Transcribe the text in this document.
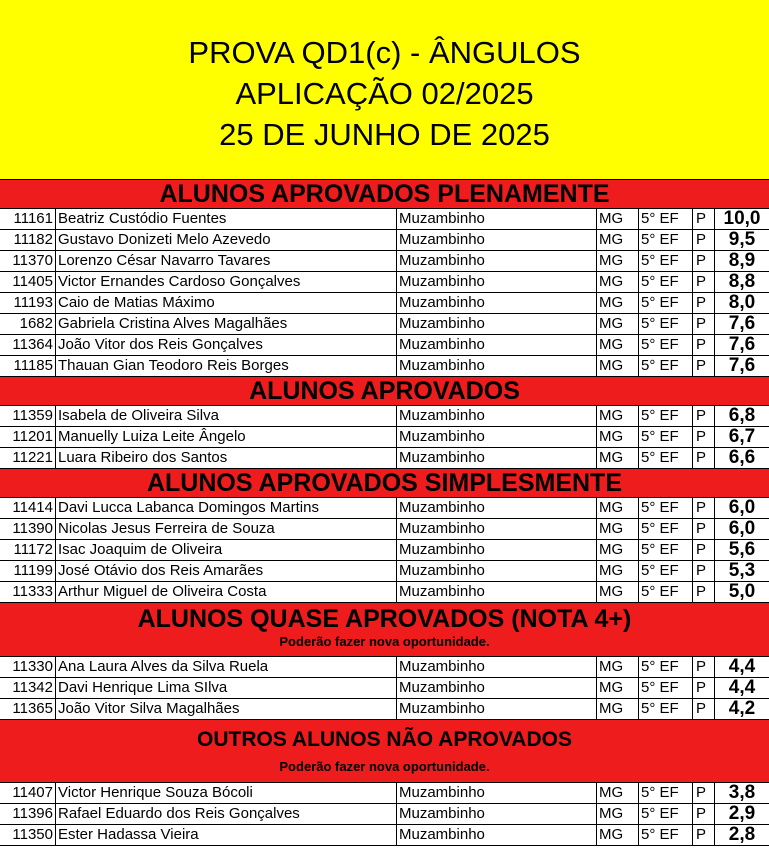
PROVA QD1(c) - ÂNGULOS
APLICAÇÃO 02/2025
25 DE JUNHO DE 2025
ALUNOS APROVADOS PLENAMENTE
11161 Beatriz Custódio Fuentes	Muzambinho	MG	5° EF	P 10,0
11182 Gustavo Donizeti Melo Azevedo	Muzambinho	MG	5° EF	P	9,5
11370 Lorenzo César Navarro Tavares	Muzambinho	MG	5° EF	P	8,9
11405 Victor Ernandes Cardoso Gonçalves	Muzambinho	MG	5° EF	P	8,8
11193 Caio de Matias Máximo	Muzambinho	MG	5° EF	P	8,0
1682 Gabriela Cristina Alves Magalhães	Muzambinho	MG	5° EF	P	7,6
11364 João Vitor dos Reis Gonçalves	Muzambinho	MG	5° EF	P	7,6
11185 Thauan Gian Teodoro Reis Borges	Muzambinho	MG	5° EF	P	7,6
ALUNOS APROVADOS
11359 Isabela de Oliveira Silva	Muzambinho	MG	5° EF	P	6,8
11201 Manuelly Luiza Leite Ângelo	Muzambinho	MG	5° EF	P	6,7
11221 Luara Ribeiro dos Santos	Muzambinho	MG	5° EF	P	6,6
ALUNOS APROVADOS SIMPLESMENTE
11414 Davi Lucca Labanca Domingos Martins	Muzambinho	MG	5° EF	P	6,0
11390 Nicolas Jesus Ferreira de Souza	Muzambinho	MG	5° EF	P	6,0
11172 Isac Joaquim de Oliveira	Muzambinho	MG	5° EF	P	5,6
11199 José Otávio dos Reis Amarães	Muzambinho	MG	5° EF	P	5,3
11333 Arthur Miguel de Oliveira Costa	Muzambinho	MG	5° EF	P	5,0
ALUNOS QUASE APROVADOS (NOTA 4+)
Poderão fazer nova oportunidade.
11330 Ana Laura Alves da Silva Ruela	Muzambinho	MG	5° EF	P	4,4
11342 Davi Henrique Lima SIlva	Muzambinho	MG	5° EF	P	4,4
11365 João Vitor Silva Magalhães	Muzambinho	MG	5° EF	P	4,2
OUTROS ALUNOS NÃO APROVADOS
Poderão fazer nova oportunidade.
11407 Victor Henrique Souza Bócoli	Muzambinho	MG	5° EF	P	3,8
11396 Rafael Eduardo dos Reis Gonçalves	Muzambinho	MG	5° EF	P	2,9
11350 Ester Hadassa Vieira	Muzambinho	MG	5° EF	P	2,8
